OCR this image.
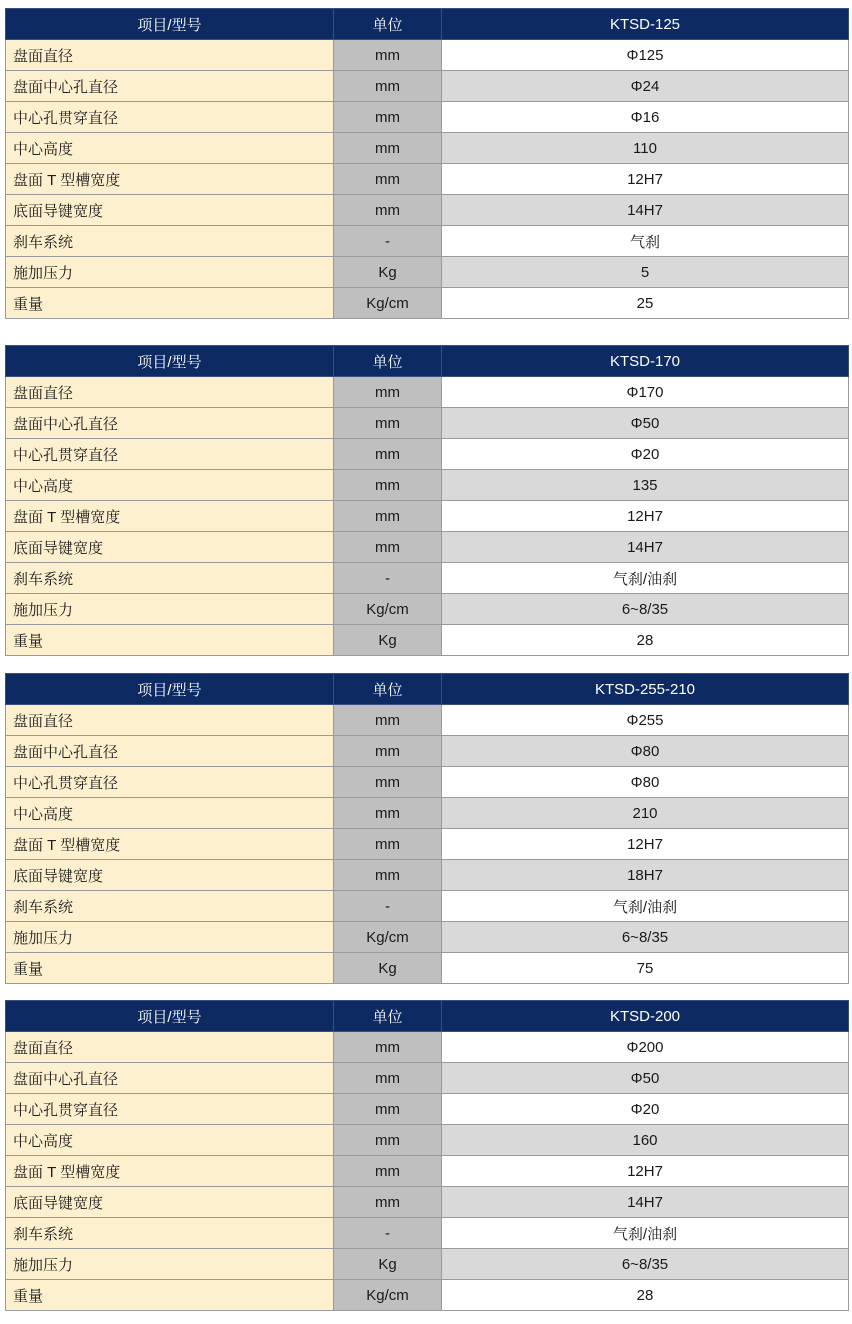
项目/型号	单位	KTSD-125
盘面直径	mm	Φ125
盘面中心孔直径	mm	Φ24
中心孔贯穿直径	mm	Φ16
中心高度	mm	110
盘面 T 型槽宽度	mm	12H7
底面导键宽度	mm	14H7
刹车系统	-	气刹
施加压力	Kg	5
重量	Kg/cm	25
项目/型号	单位	KTSD-170
盘面直径	mm	Φ170
盘面中心孔直径	mm	Φ50
中心孔贯穿直径	mm	Φ20
中心高度	mm	135
盘面 T 型槽宽度	mm	12H7
底面导键宽度	mm	14H7
刹车系统	-	气刹/油刹
施加压力	Kg/cm	6~8/35
重量	Kg	28
项目/型号	单位	KTSD-255-210
盘面直径	mm	Φ255
盘面中心孔直径	mm	Φ80
中心孔贯穿直径	mm	Φ80
中心高度	mm	210
盘面 T 型槽宽度	mm	12H7
底面导键宽度	mm	18H7
刹车系统	-	气刹/油刹
施加压力	Kg/cm	6~8/35
重量	Kg	75
项目/型号	单位	KTSD-200
盘面直径	mm	Φ200
盘面中心孔直径	mm	Φ50
中心孔贯穿直径	mm	Φ20
中心高度	mm	160
盘面 T 型槽宽度	mm	12H7
底面导键宽度	mm	14H7
刹车系统	-	气刹/油刹
施加压力	Kg	6~8/35
重量	Kg/cm	28
